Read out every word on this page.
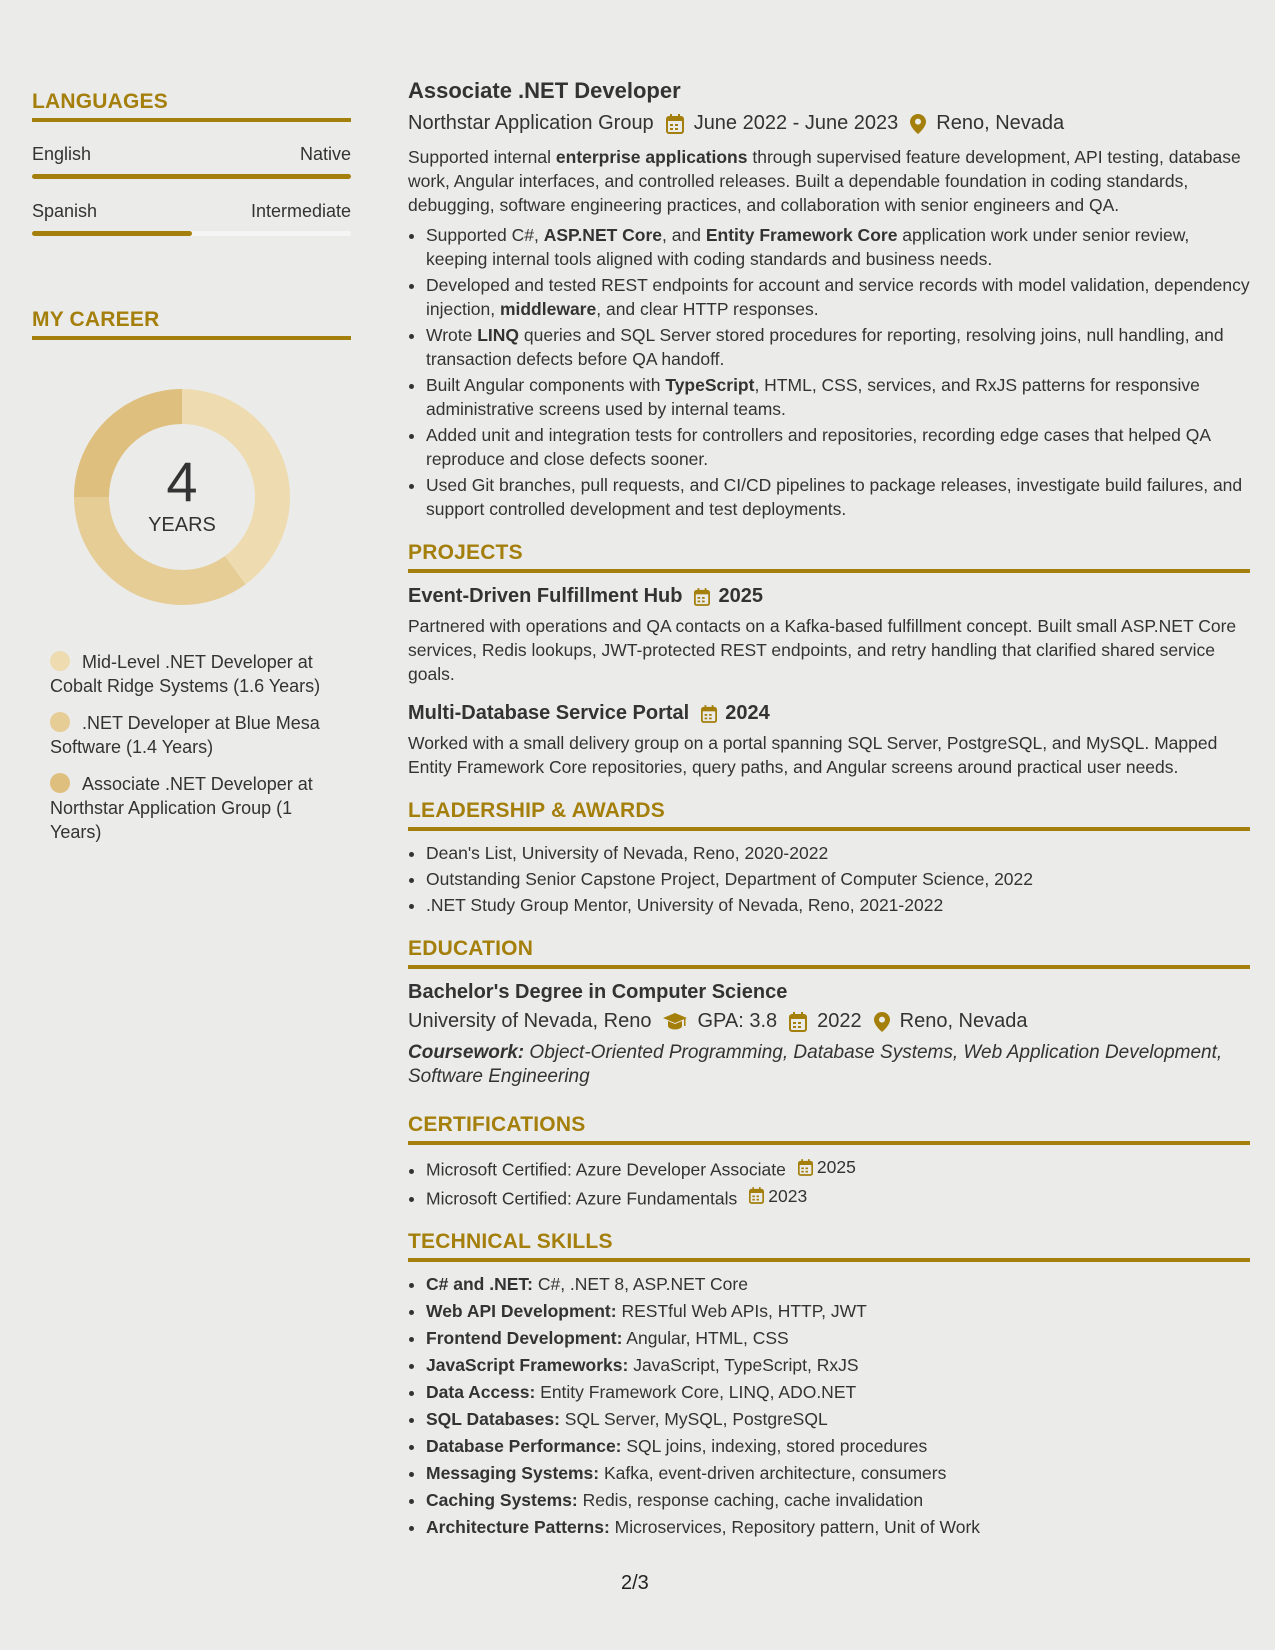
LANGUAGES
English	Native
Spanish	Intermediate
MY CAREER
4
YEARS
Mid-Level .NET Developer at Cobalt Ridge Systems (1.6 Years)
.NET Developer at Blue Mesa Software (1.4 Years)
Associate .NET Developer at Northstar Application Group (1 Years)
Associate .NET Developer
Northstar Application Group June 2022 - June 2023 Reno, Nevada
Supported internal enterprise applications through supervised feature development, API testing, database work, Angular interfaces, and controlled releases. Built a dependable foundation in coding standards, debugging, software engineering practices, and collaboration with senior engineers and QA.
• Supported C#, ASP.NET Core, and Entity Framework Core application work under senior review, keeping internal tools aligned with coding standards and business needs.
• Developed and tested REST endpoints for account and service records with model validation, dependency injection, middleware, and clear HTTP responses.
• Wrote LINQ queries and SQL Server stored procedures for reporting, resolving joins, null handling, and transaction defects before QA handoff.
• Built Angular components with TypeScript, HTML, CSS, services, and RxJS patterns for responsive administrative screens used by internal teams.
• Added unit and integration tests for controllers and repositories, recording edge cases that helped QA reproduce and close defects sooner.
• Used Git branches, pull requests, and CI/CD pipelines to package releases, investigate build failures, and support controlled development and test deployments.
PROJECTS
Event-Driven Fulfillment Hub 2025
Partnered with operations and QA contacts on a Kafka-based fulfillment concept. Built small ASP.NET Core services, Redis lookups, JWT-protected REST endpoints, and retry handling that clarified shared service goals.
Multi-Database Service Portal 2024
Worked with a small delivery group on a portal spanning SQL Server, PostgreSQL, and MySQL. Mapped Entity Framework Core repositories, query paths, and Angular screens around practical user needs.
LEADERSHIP & AWARDS
• Dean's List, University of Nevada, Reno, 2020-2022
• Outstanding Senior Capstone Project, Department of Computer Science, 2022
• .NET Study Group Mentor, University of Nevada, Reno, 2021-2022
EDUCATION
Bachelor's Degree in Computer Science
University of Nevada, Reno GPA: 3.8 2022 Reno, Nevada
Coursework: Object-Oriented Programming, Database Systems, Web Application Development, Software Engineering
CERTIFICATIONS
• Microsoft Certified: Azure Developer Associate 2025
• Microsoft Certified: Azure Fundamentals 2023
TECHNICAL SKILLS
• C# and .NET: C#, .NET 8, ASP.NET Core
• Web API Development: RESTful Web APIs, HTTP, JWT
• Frontend Development: Angular, HTML, CSS
• JavaScript Frameworks: JavaScript, TypeScript, RxJS
• Data Access: Entity Framework Core, LINQ, ADO.NET
• SQL Databases: SQL Server, MySQL, PostgreSQL
• Database Performance: SQL joins, indexing, stored procedures
• Messaging Systems: Kafka, event-driven architecture, consumers
• Caching Systems: Redis, response caching, cache invalidation
• Architecture Patterns: Microservices, Repository pattern, Unit of Work
2/3
